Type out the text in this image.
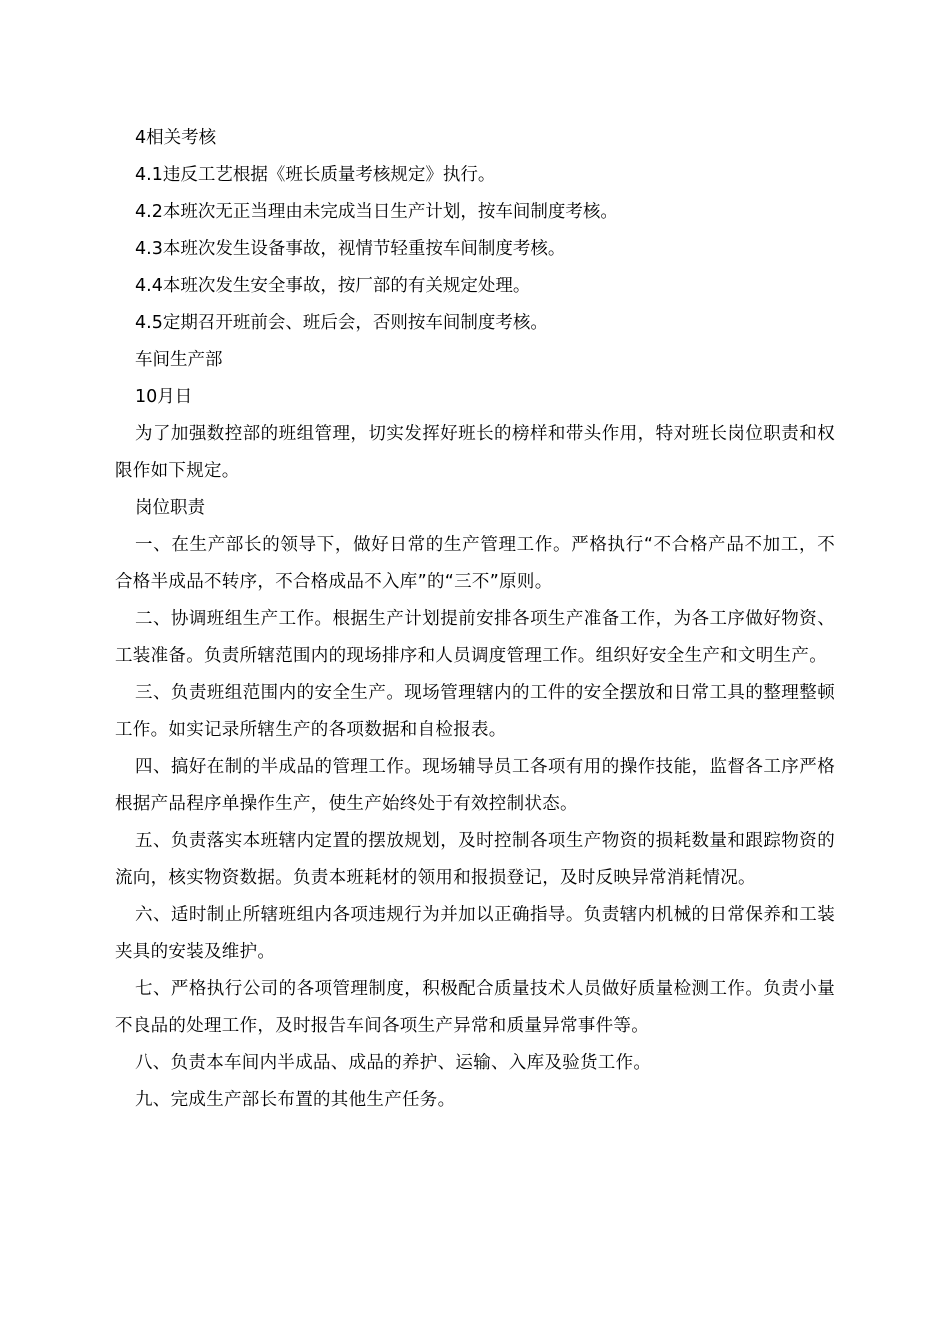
4相关考核

4.1违反工艺根据《班长质量考核规定》执行。

4.2本班次无正当理由未完成当日生产计划，按车间制度考核。

4.3本班次发生设备事故，视情节轻重按车间制度考核。

4.4本班次发生安全事故，按厂部的有关规定处理。

4.5定期召开班前会、班后会，否则按车间制度考核。

车间生产部

10月日

为了加强数控部的班组管理，切实发挥好班长的榜样和带头作用，特对班长岗位职责和权限作如下规定。

岗位职责

一、在生产部长的领导下，做好日常的生产管理工作。严格执行“不合格产品不加工，不合格半成品不转序，不合格成品不入库”的“三不”原则。

二、协调班组生产工作。根据生产计划提前安排各项生产准备工作，为各工序做好物资、工装准备。负责所辖范围内的现场排序和人员调度管理工作。组织好安全生产和文明生产。

三、负责班组范围内的安全生产。现场管理辖内的工件的安全摆放和日常工具的整理整顿工作。如实记录所辖生产的各项数据和自检报表。

四、搞好在制的半成品的管理工作。现场辅导员工各项有用的操作技能，监督各工序严格根据产品程序单操作生产，使生产始终处于有效控制状态。

五、负责落实本班辖内定置的摆放规划，及时控制各项生产物资的损耗数量和跟踪物资的流向，核实物资数据。负责本班耗材的领用和报损登记，及时反映异常消耗情况。

六、适时制止所辖班组内各项违规行为并加以正确指导。负责辖内机械的日常保养和工装夹具的安装及维护。

七、严格执行公司的各项管理制度，积极配合质量技术人员做好质量检测工作。负责小量不良品的处理工作，及时报告车间各项生产异常和质量异常事件等。

八、负责本车间内半成品、成品的养护、运输、入库及验货工作。

九、完成生产部长布置的其他生产任务。
